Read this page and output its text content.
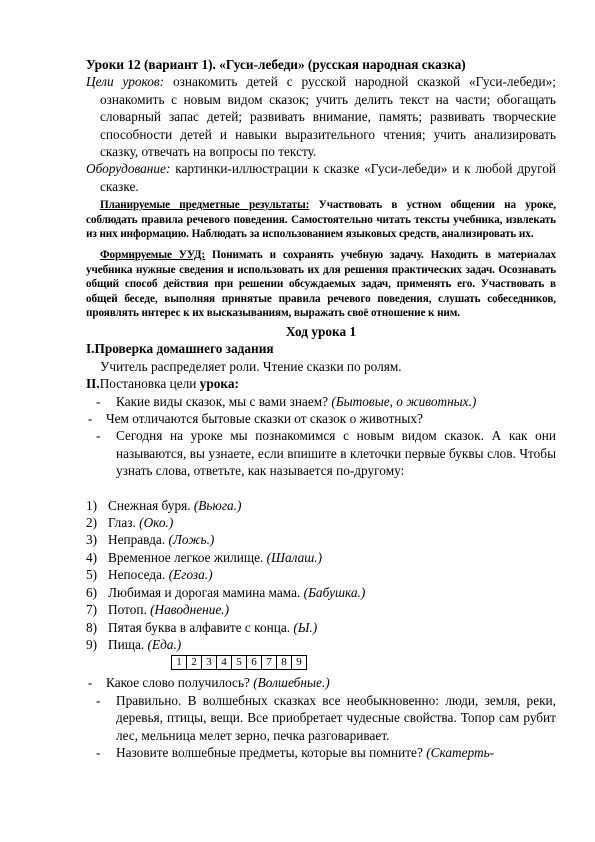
Уроки 12 (вариант 1). «Гуси-лебеди» (русская народная сказка)

Цели уроков: ознакомить детей с русской народной сказкой «Гуси-лебеди»; ознакомить с новым видом сказок; учить делить текст на части; обогащать словарный запас детей; развивать внимание, память; развивать творческие способности детей и навыки выразительного чтения; учить анализировать сказку, отвечать на вопросы по тексту.

Оборудование: картинки-иллюстрации к сказке «Гуси-лебеди» и к любой другой сказке.

Планируемые предметные результаты: Участвовать в устном общении на уроке, соблюдать правила речевого поведения. Самостоятельно читать тексты учебника, извлекать из них информацию. Наблюдать за использованием языковых средств, анализировать их.

Формируемые УУД: Понимать и сохранять учебную задачу. Находить в материалах учебника нужные сведения и использовать их для решения практических задач. Осознавать общий способ действия при решении обсуждаемых задач, применять его. Участвовать в общей беседе, выполняя принятые правила речевого поведения, слушать собеседников, проявлять интерес к их высказываниям, выражать своё отношение к ним.

Ход урока 1

I.Проверка домашнего задания

Учитель распределяет роли. Чтение сказки по ролям.

II.Постановка цели урока:

- Какие виды сказок, мы с вами знаем? (Бытовые, о животных.)

- Чем отличаются бытовые сказки от сказок о животных?

- Сегодня на уроке мы познакомимся с новым видом сказок. А как они называются, вы узнаете, если впишите в клеточки первые буквы слов. Чтобы узнать слова, ответьте, как называется по-другому:

1) Снежная буря. (Вьюга.)

2) Глаз. (Око.)

3) Неправда. (Ложь.)

4) Временное легкое жилище. (Шалаш.)

5) Непоседа. (Егоза.)

6) Любимая и дорогая мамина мама. (Бабушка.)

7) Потоп. (Наводнение.)

8) Пятая буква в алфавите с конца. (Ы.)

9) Пища. (Еда.)

1 2 3 4 5 6 7 8 9

- Какое слово получилось? (Волшебные.)

- Правильно. В волшебных сказках все необыкновенно: люди, земля, реки, деревья, птицы, вещи. Все приобретает чудесные свойства. Топор сам рубит лес, мельница мелет зерно, печка разговаривает.

- Назовите волшебные предметы, которые вы помните? (Скатерть-
